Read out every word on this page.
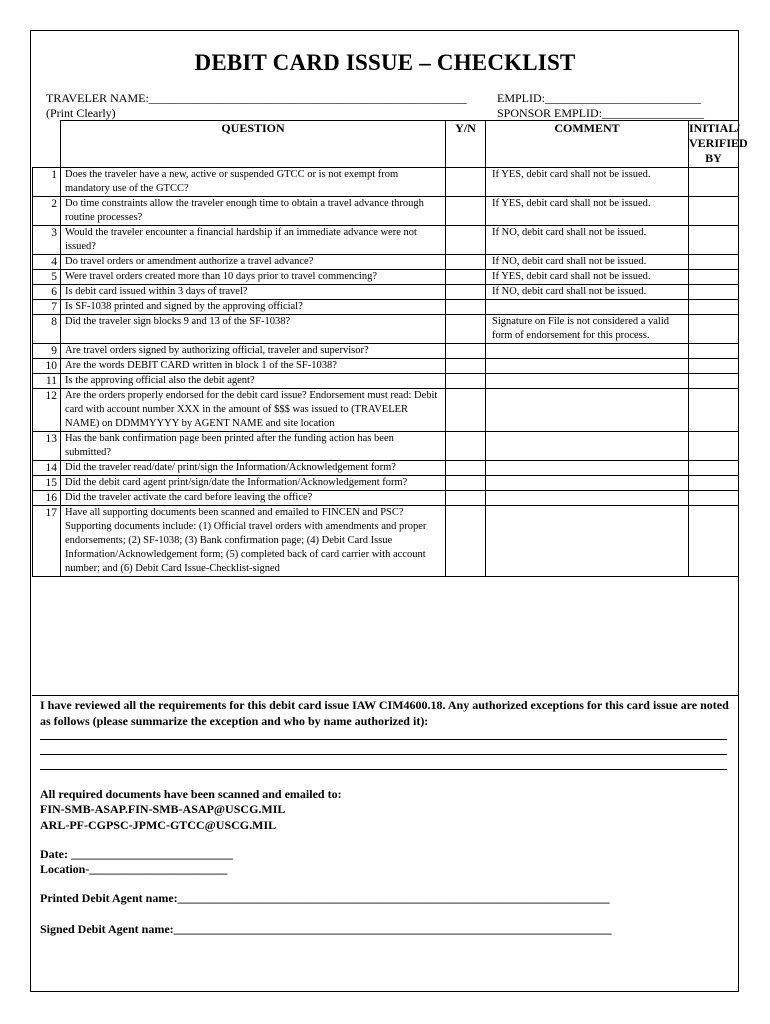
DEBIT CARD ISSUE – CHECKLIST
TRAVELER NAME:_____________________________________________________
(Print Clearly)
EMPLID:__________________________
SPONSOR EMPLID:_________________
	QUESTION	Y/N	COMMENT	INITIAL/ VERIFIED BY
1	Does the traveler have a new, active or suspended GTCC or is not exempt from mandatory use of the GTCC?		If YES, debit card shall not be issued.	
2	Do time constraints allow the traveler enough time to obtain a travel advance through routine processes?		If YES, debit card shall not be issued.	
3	Would the traveler encounter a financial hardship if an immediate advance were not issued?		If NO, debit card shall not be issued.	
4	Do travel orders or amendment authorize a travel advance?		If NO, debit card shall not be issued.	
5	Were travel orders created more than 10 days prior to travel commencing?		If YES, debit card shall not be issued.	
6	Is debit card issued within 3 days of travel?		If NO, debit card shall not be issued.	
7	Is SF-1038 printed and signed by the approving official?			
8	Did the traveler sign blocks 9 and 13 of the SF-1038?		Signature on File is not considered a valid form of endorsement for this process.	
9	Are travel orders signed by authorizing official, traveler and supervisor?			
10	Are the words DEBIT CARD written in block 1 of the SF-1038?			
11	Is the approving official also the debit agent?			
12	Are the orders properly endorsed for the debit card issue? Endorsement must read: Debit card with account number XXX in the amount of $$$ was issued to (TRAVELER NAME) on DDMMYYYY by AGENT NAME and site location			
13	Has the bank confirmation page been printed after the funding action has been submitted?			
14	Did the traveler read/date/ print/sign the Information/Acknowledgement form?			
15	Did the debit card agent print/sign/date the Information/Acknowledgement form?			
16	Did the traveler activate the card before leaving the office?			
17	Have all supporting documents been scanned and emailed to FINCEN and PSC? Supporting documents include: (1) Official travel orders with amendments and proper endorsements; (2) SF-1038; (3) Bank confirmation page; (4) Debit Card Issue Information/Acknowledgement form; (5) completed back of card carrier with account number; and (6) Debit Card Issue-Checklist-signed			
I have reviewed all the requirements for this debit card issue IAW CIM4600.18. Any authorized exceptions for this card issue are noted as follows (please summarize the exception and who by name authorized it):
All required documents have been scanned and emailed to:
FIN-SMB-ASAP.FIN-SMB-ASAP@USCG.MIL
ARL-PF-CGPSC-JPMC-GTCC@USCG.MIL
Date: ___________________________
Location-_______________________
Printed Debit Agent name:________________________________________________________________________
Signed Debit Agent name:_________________________________________________________________________
